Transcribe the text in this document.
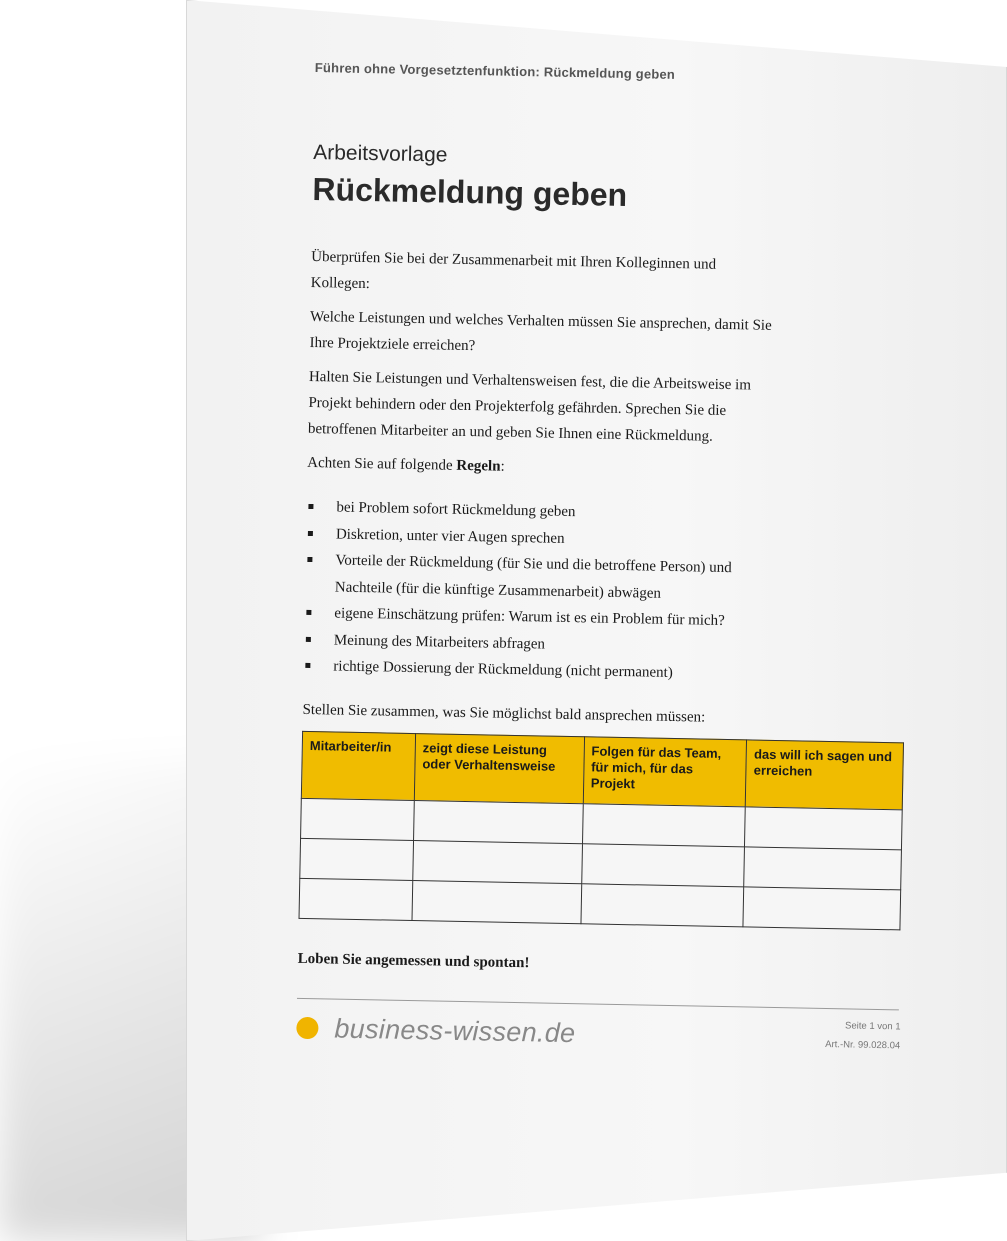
Führen ohne Vorgesetztenfunktion: Rückmeldung geben
Arbeitsvorlage
Rückmeldung geben

Überprüfen Sie bei der Zusammenarbeit mit Ihren Kolleginnen und Kollegen:

Welche Leistungen und welches Verhalten müssen Sie ansprechen, damit Sie Ihre Projektziele erreichen?

Halten Sie Leistungen und Verhaltensweisen fest, die die Arbeitsweise im Projekt behindern oder den Projekterfolg gefährden. Sprechen Sie die betroffenen Mitarbeiter an und geben Sie Ihnen eine Rückmeldung.

Achten Sie auf folgende Regeln:

bei Problem sofort Rückmeldung geben
Diskretion, unter vier Augen sprechen
Vorteile der Rückmeldung (für Sie und die betroffene Person) und Nachteile (für die künftige Zusammenarbeit) abwägen
eigene Einschätzung prüfen: Warum ist es ein Problem für mich?
Meinung des Mitarbeiters abfragen
richtige Dossierung der Rückmeldung (nicht permanent)
Stellen Sie zusammen, was Sie möglichst bald ansprechen müssen:
Mitarbeiter/in	zeigt diese Leistung oder Verhaltensweise	Folgen für das Team, für mich, für das Projekt	das will ich sagen und erreichen

Loben Sie angemessen und spontan!
Seite 1 von 1
Art.-Nr. 99.028.04
business-wissen.de
